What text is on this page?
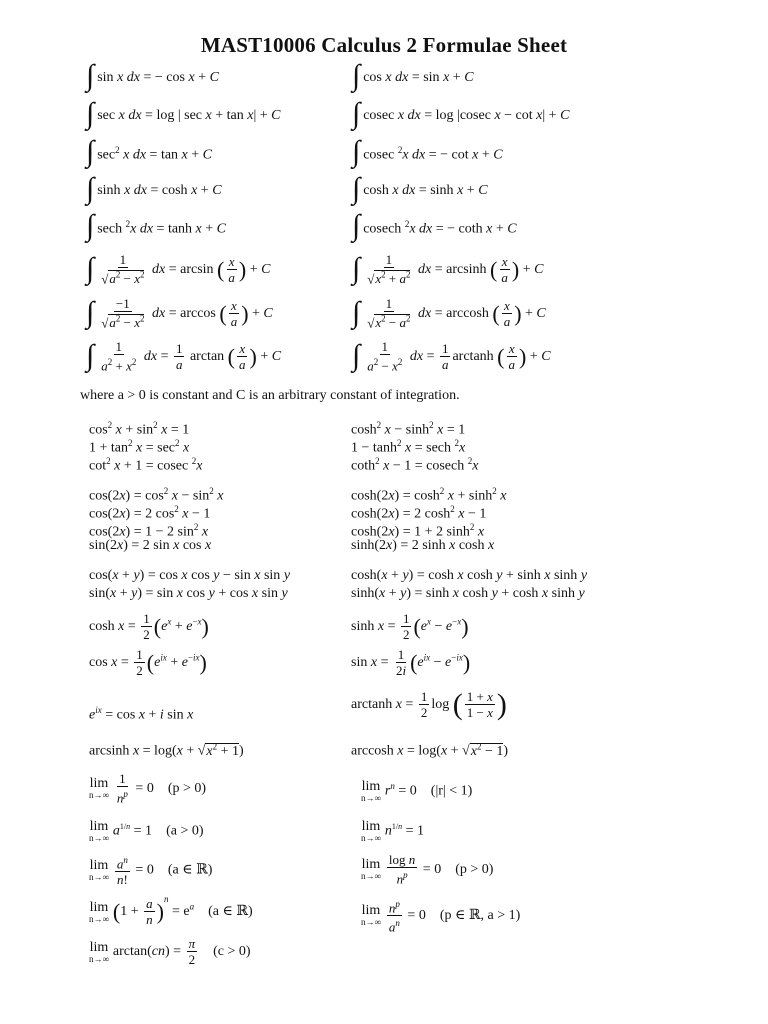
MAST10006 Calculus 2 Formulae Sheet
∫ sin x dx = − cos x + C
∫ sec x dx = log | sec x + tan x| + C
∫ $\sec^2 x$ dx = tan x + C
∫ sinh x dx = cosh x + C
∫ sech $^2$x dx = tanh x + C
∫ $\frac{1}{√a^2 - x^2}$ dx = arcsin ( $\frac{x}{a}$ ) + C
∫ $\frac{-1}{√a^2 - x^2}$ dx = arccos ( $\frac{x}{a}$ ) + C
∫ $\frac{1}{a^2 + x^2}$ dx = $\frac{1}{a}$ arctan ( $\frac{x}{a}$ ) + C
∫ cos x dx = sin x + C
∫ cosec x dx = log |cosec x − cot x| + C
∫ cosec $^2$x dx = − cot x + C
∫ cosh x dx = sinh x + C
∫ cosech $^2$x dx = − coth x + C
∫ $\frac{1}{√x^2 + a^2}$ dx = arcsinh ( $\frac{x}{a}$ ) + C
∫ $\frac{1}{√x^2 - a^2}$ dx = arccosh ( $\frac{x}{a}$ ) + C
∫ $\frac{1}{a^2 - x^2}$ dx = $\frac{1}{a}$ arctanh ( $\frac{x}{a}$ ) + C
where a > 0 is constant and C is an arbitrary constant of integration.
$\cos^2 x + \sin^2 x = 1$
$1 + \tan^2 x = \sec^2 x$
$\cot^2 x + 1 = cosec$ $^2$x
$\cos(2x) = \cos^2 x - \sin^2 x$
cos(2x) = 2 $\cos^2 x - 1$
cos(2x) = 1 − 2 $\sin^2 x$
sin(2x) = 2 sin x cos x
cos(x + y) = cos x cos y − sin x sin y
sin(x + y) = sin x cos y + cos x sin y
$\cosh^2 x - \sinh^2 x = 1$
$1 - \tanh^2 x = \sec h$ $^2$x
coth$^2$ x − 1 = cosech $^2$x
$\cosh(2x) = \cosh^2 x + \sinh^2 x$
cosh(2x) = 2 $\cosh^2 x - 1$
cosh(2x) = 1 + 2 $\sinh^2 x$
sinh(2x) = 2 sinh x cosh x
cosh(x + y) = cosh x cosh y + sinh x sinh y
sinh(x + y) = sinh x cosh y + cosh x sinh y
$\cosh x = \frac{1}{2} (e^x + e^{-x})$
$\cos x = \frac{1}{2} (e^{ix} + e^{-ix})$
$\sinh x = \frac{1}{2} (e^x - e^{-x})$
$\sin x = \frac{1}{2i} (e^{ix} - e^{-ix})$
$e^{ix} = \cos x + i$ sin x
arctanh $x = \frac{1}{2}$ log ( $\frac{1 + x}{1 - x}$ )
arcsinh $x = \log(x + √x^2 + 1)$	arccosh $x = \log(x + √x^2 - 1)$
lim
$n\to\infty \frac{1}{n^p} = 0$    (p > 0)
lim
n→∞ $a^{1/n} = 1$    (a > 0)
lim
$n\to\infty \frac{a^n}{n!} = 0$    (a ∈ ℝ)
lim
n→∞ $(1 + \frac{a}{n} )^n = e^a$ (a ∈ ℝ)
lim
n→∞ $\arctan(cn) = \frac{\pi}{2} (c > 0)$
lim
n→∞ $r^n = 0$    (|r| < 1)
lim
n→∞ $n^{1/n} = 1$
lim
$n\to\infty \frac{\text{log n}}{n^p} = 0$    (p > 0)
lim
$n\to\infty \frac{n^p}{a^n} = 0$    (p ∈ ℝ, a > 1)
